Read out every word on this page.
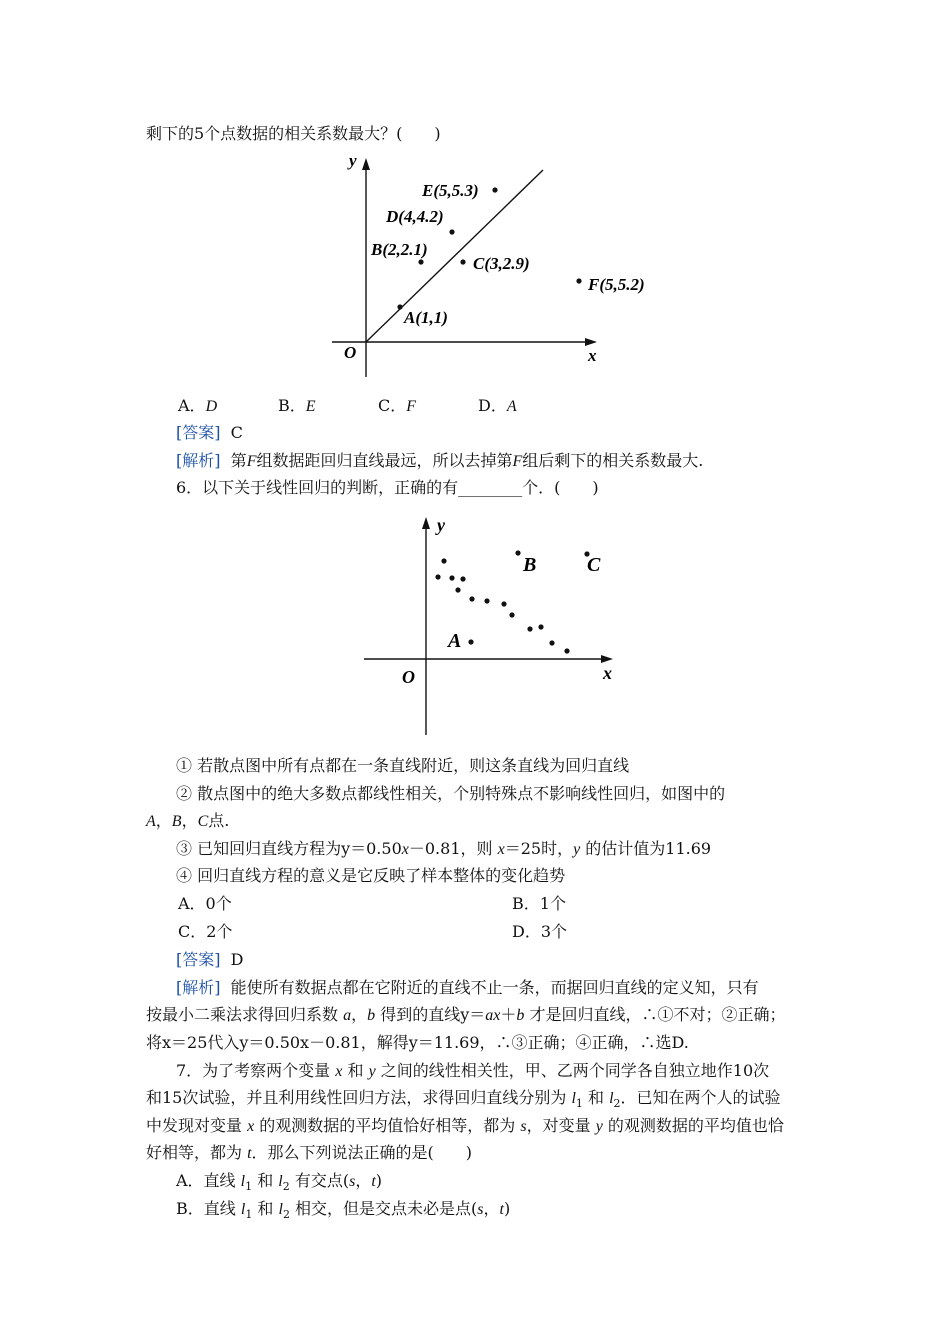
剩下的5个点数据的相关系数最大？(　　)
y
x
O
E(5,5.3)
D(4,4.2)
B(2,2.1)
C(3,2.9)
F(5,5.2)
A(1,1)
A．D	B．E	C．F	D．A
[答案] C
[解析] 第F组数据距回归直线最远，所以去掉第F组后剩下的相关系数最大.
6．以下关于线性回归的判断，正确的有________个．(　　)
y
x
O
A
B	C
① 若散点图中所有点都在一条直线附近，则这条直线为回归直线
② 散点图中的绝大多数点都线性相关，个别特殊点不影响线性回归，如图中的
A，B，C点.
③ 已知回归直线方程为y＝0.50x－0.81，则 x＝25时，y 的估计值为11.69
④ 回归直线方程的意义是它反映了样本整体的变化趋势
A．0个	B．1个
C．2个	D．3个
[答案] D
[解析] 能使所有数据点都在它附近的直线不止一条，而据回归直线的定义知，只有
按最小二乘法求得回归系数 a，b 得到的直线y＝ax＋b 才是回归直线，∴①不对；②正确；
将x＝25代入y＝0.50x－0.81，解得y＝11.69，∴③正确；④正确，∴选D.
7．为了考察两个变量 x 和 y 之间的线性相关性，甲、乙两个同学各自独立地作10次
和15次试验，并且利用线性回归方法，求得回归直线分别为 $l_1$ 和 $l_2$．已知在两个人的试验
中发现对变量 x 的观测数据的平均值恰好相等，都为 s，对变量 y 的观测数据的平均值也恰
好相等，都为 t．那么下列说法正确的是(　　)
A．直线 $l_1$ 和 $l_2$ 有交点(s，t)
B．直线 $l_1$ 和 $l_2$ 相交，但是交点未必是点(s，t)
